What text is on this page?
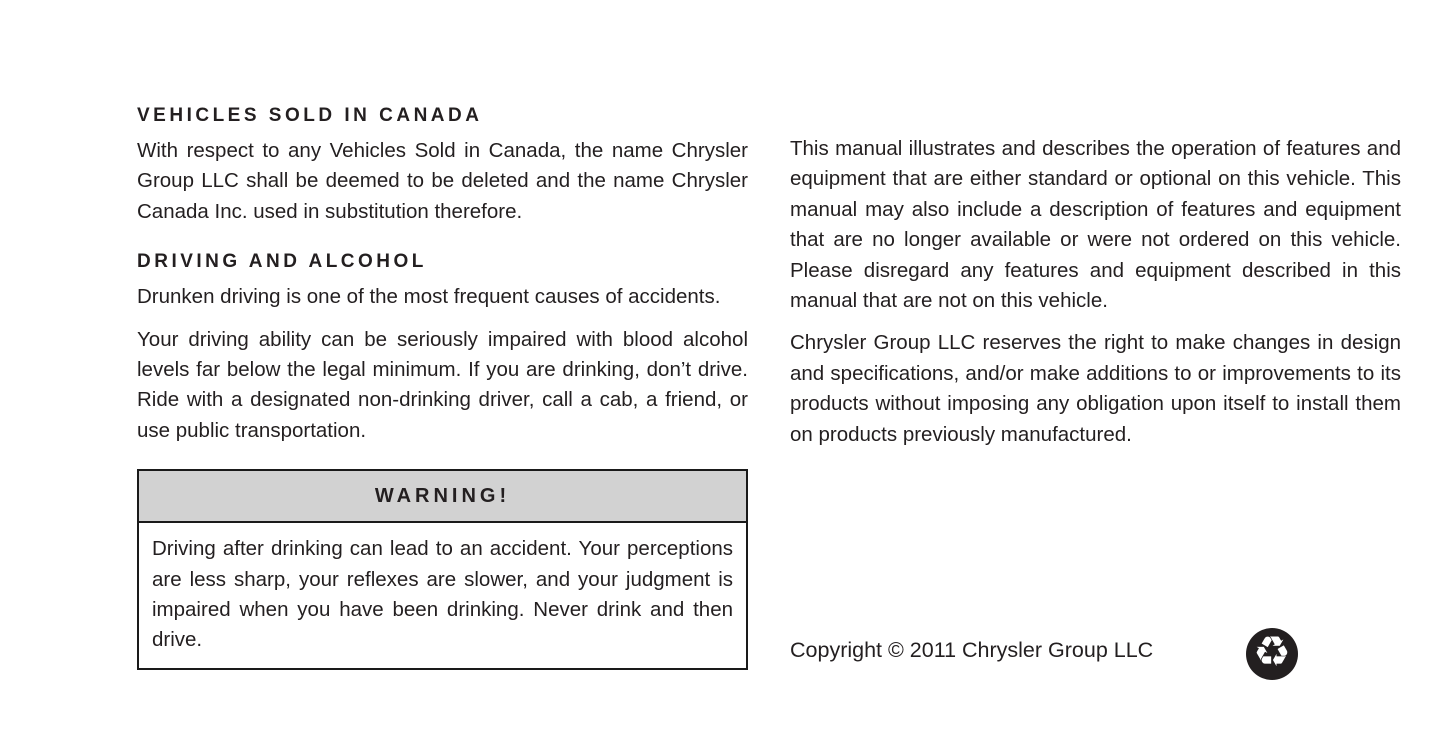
VEHICLES SOLD IN CANADA

With respect to any Vehicles Sold in Canada, the name Chrysler Group LLC shall be deemed to be deleted and the name Chrysler Canada Inc. used in substitution therefore.

DRIVING AND ALCOHOL

Drunken driving is one of the most frequent causes of accidents.

Your driving ability can be seriously impaired with blood alcohol levels far below the legal minimum. If you are drinking, don’t drive. Ride with a designated non-drinking driver, call a cab, a friend, or use public transportation.

WARNING!
Driving after drinking can lead to an accident. Your perceptions are less sharp, your reflexes are slower, and your judgment is impaired when you have been drinking. Never drink and then drive.

This manual illustrates and describes the operation of features and equipment that are either standard or optional on this vehicle. This manual may also include a description of features and equipment that are no longer available or were not ordered on this vehicle. Please disregard any features and equipment described in this manual that are not on this vehicle.

Chrysler Group LLC reserves the right to make changes in design and specifications, and/or make additions to or improvements to its products without imposing any obligation upon itself to install them on products previously manufactured.

Copyright © 2011 Chrysler Group LLC ♻
